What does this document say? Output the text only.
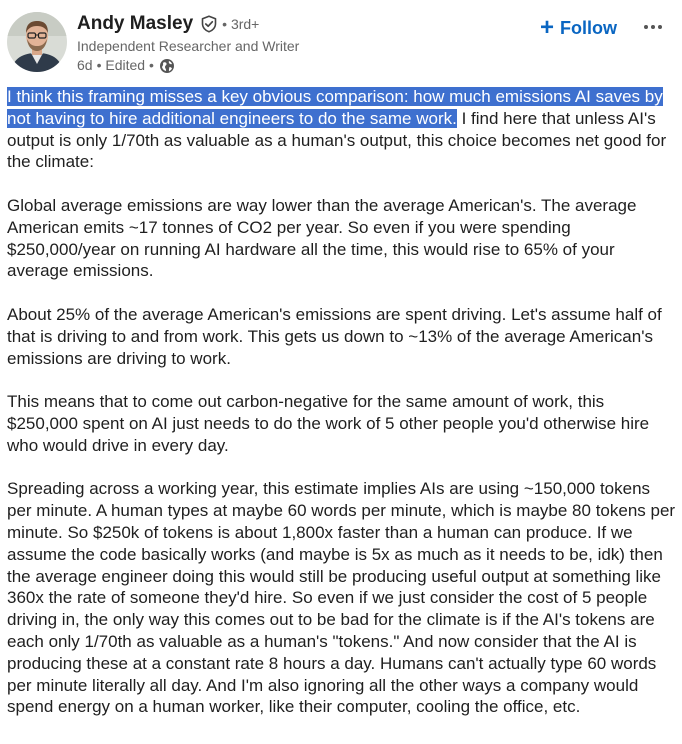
Andy Masley • 3rd+
Independent Researcher and Writer
6d • Edited •
+ Follow

I think this framing misses a key obvious comparison: how much emissions AI saves by not having to hire additional engineers to do the same work. I find here that unless AI's output is only 1/70th as valuable as a human's output, this choice becomes net good for the climate:

Global average emissions are way lower than the average American's. The average American emits ~17 tonnes of CO2 per year. So even if you were spending $250,000/year on running AI hardware all the time, this would rise to 65% of your average emissions.

About 25% of the average American's emissions are spent driving. Let's assume half of that is driving to and from work. This gets us down to ~13% of the average American's emissions are driving to work.

This means that to come out carbon-negative for the same amount of work, this $250,000 spent on AI just needs to do the work of 5 other people you'd otherwise hire who would drive in every day.

Spreading across a working year, this estimate implies AIs are using ~150,000 tokens per minute. A human types at maybe 60 words per minute, which is maybe 80 tokens per minute. So $250k of tokens is about 1,800x faster than a human can produce. If we assume the code basically works (and maybe is 5x as much as it needs to be, idk) then the average engineer doing this would still be producing useful output at something like 360x the rate of someone they'd hire. So even if we just consider the cost of 5 people driving in, the only way this comes out to be bad for the climate is if the AI's tokens are each only 1/70th as valuable as a human's "tokens." And now consider that the AI is producing these at a constant rate 8 hours a day. Humans can't actually type 60 words per minute literally all day. And I'm also ignoring all the other ways a company would spend energy on a human worker, like their computer, cooling the office, etc.
